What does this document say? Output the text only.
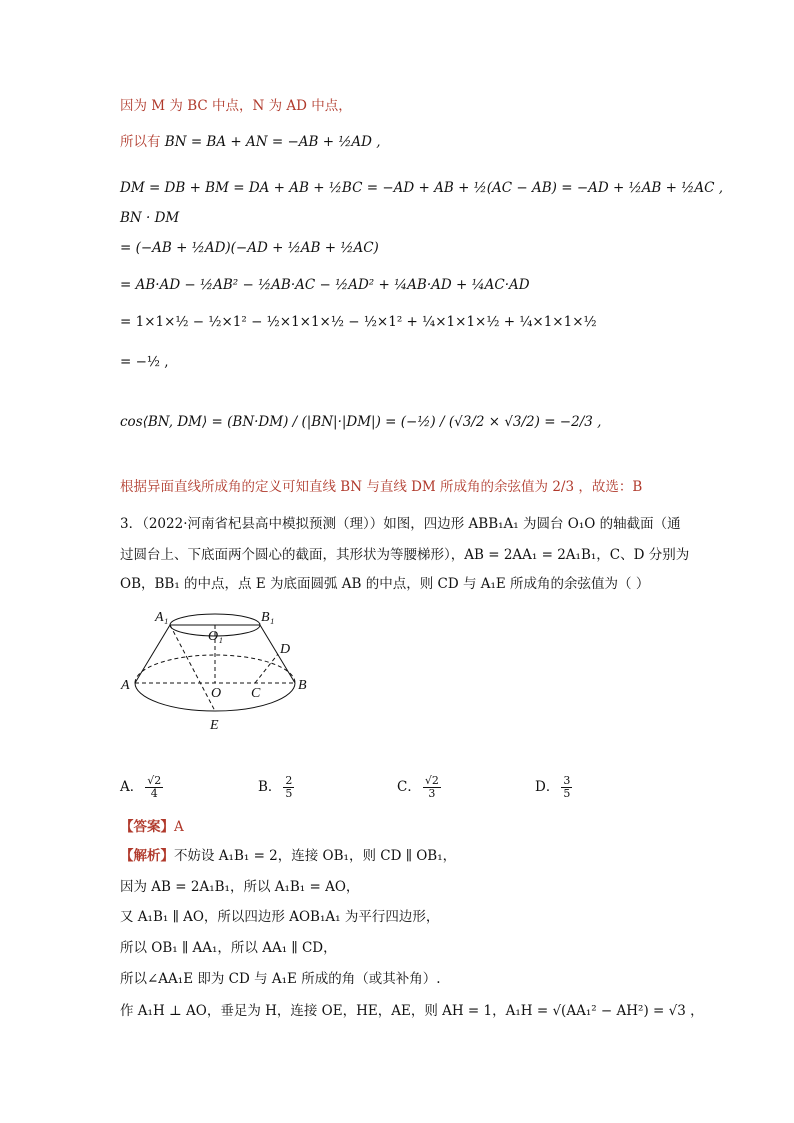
因为 M 为 BC 中点，N 为 AD 中点，
所以有 BN = BA + AN = −AB + ½AD ,
DM = DB + BM = DA + AB + ½BC = −AD + AB + ½(AC − AB) = −AD + ½AB + ½AC ,
BN · DM
= (−AB + ½AD)(−AD + ½AB + ½AC)
= AB·AD − ½AB² − ½AB·AC − ½AD² + ¼AB·AD + ¼AC·AD
= 1×1×½ − ½×1² − ½×1×1×½ − ½×1² + ¼×1×1×½ + ¼×1×1×½
= −½ ,
cos⟨BN, DM⟩ = (BN·DM) / (|BN|·|DM|) = (−½) / (√3/2 × √3/2) = −2/3 ,
根据异面直线所成角的定义可知直线 BN 与直线 DM 所成角的余弦值为 2/3 ，故选：B
3．（2022·河南省杞县高中模拟预测（理））如图，四边形 ABB₁A₁ 为圆台 O₁O 的轴截面（通
过圆台上、下底面两个圆心的截面，其形状为等腰梯形），AB = 2AA₁ = 2A₁B₁，C、D 分别为
OB，BB₁ 的中点，点 E 为底面圆弧 AB 的中点，则 CD 与 A₁E 所成角的余弦值为（ ）
A₁	B₁
O₁
D
A
O C
B
E
A． $\frac{√2}{4}$	B． $\frac{2}{5}$	C． $\frac{√2}{3}$	D． $\frac{3}{5}$
【答案】A
【解析】不妨设 A₁B₁ = 2，连接 OB₁，则 CD ∥ OB₁，
因为 AB = 2A₁B₁，所以 A₁B₁ = AO，
又 A₁B₁ ∥ AO，所以四边形 AOB₁A₁ 为平行四边形，
所以 OB₁ ∥ AA₁，所以 AA₁ ∥ CD，
所以∠AA₁E 即为 CD 与 A₁E 所成的角（或其补角）.
作 A₁H ⊥ AO，垂足为 H，连接 OE，HE，AE，则 AH = 1，A₁H = √(AA₁² − AH²) = √3 ，
